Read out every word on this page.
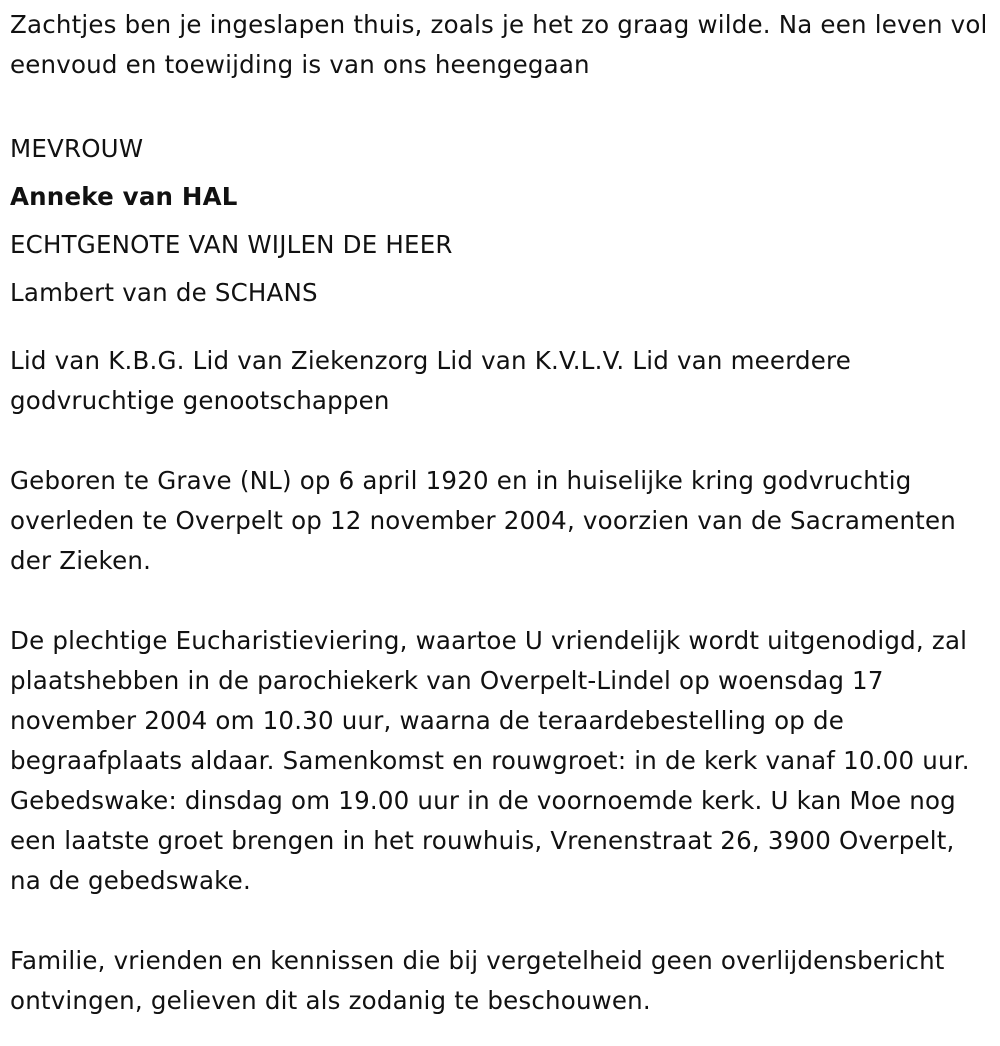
Zachtjes ben je ingeslapen thuis, zoals je het zo graag wilde. Na een leven vol eenvoud en toewijding is van ons heengegaan

MEVROUW
Anneke van HAL
ECHTGENOTE VAN WIJLEN DE HEER
Lambert van de SCHANS

Lid van K.B.G. Lid van Ziekenzorg Lid van K.V.L.V. Lid van meerdere godvruchtige genootschappen

Geboren te Grave (NL) op 6 april 1920 en in huiselijke kring godvruchtig overleden te Overpelt op 12 november 2004, voorzien van de Sacramenten der Zieken.

De plechtige Eucharistieviering, waartoe U vriendelijk wordt uitgenodigd, zal plaatshebben in de parochiekerk van Overpelt-Lindel op woensdag 17 november 2004 om 10.30 uur, waarna de teraardebestelling op de begraafplaats aldaar. Samenkomst en rouwgroet: in de kerk vanaf 10.00 uur. Gebedswake: dinsdag om 19.00 uur in de voornoemde kerk. U kan Moe nog een laatste groet brengen in het rouwhuis, Vrenenstraat 26, 3900 Overpelt, na de gebedswake.

Familie, vrienden en kennissen die bij vergetelheid geen overlijdensbericht ontvingen, gelieven dit als zodanig te beschouwen.
